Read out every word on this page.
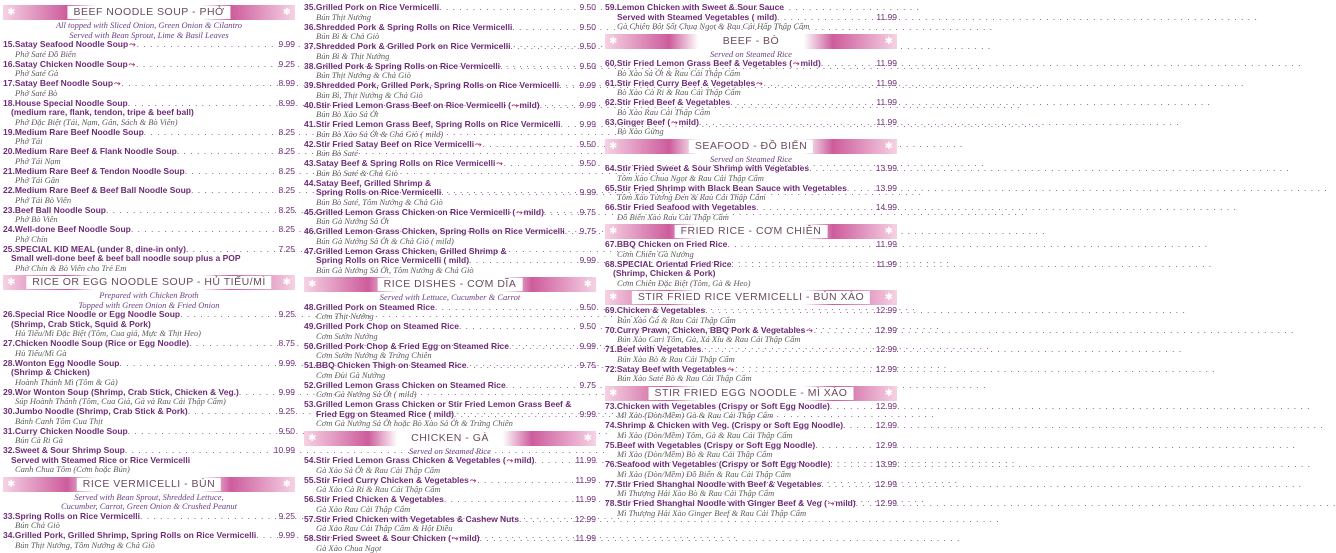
✱	BEEF NOODLE SOUP - PHỞ	✱
All topped with Sliced Onion, Green Onion & Cilantro
Served with Bean Sprout, Lime & Basil Leaves
15. Satay Seafood Noodle Soup ⤳ . . .	9.99
Phở Saté Đồ Biển
16. Satay Chicken Noodle Soup ⤳ . . .	9.25
Phở Saté Gà
17. Satay Beef Noodle Soup ⤳ . . .	8.99
Phở Saté Bò
18. House Special Noodle Soup . . .	8.99
(medium rare, flank, tendon, tripe & beef ball)
Phở Đặc Biệt (Tái, Nạm, Gân, Sách & Bò Viên)
19. Medium Rare Beef Noodle Soup . . .	8.25
Phở Tái
20. Medium Rare Beef & Flank Noodle Soup . . .	8.25
Phở Tái Nạm
21. Medium Rare Beef & Tendon Noodle Soup . . .	8.25
Phở Tái Gân
22. Medium Rare Beef & Beef Ball Noodle Soup . . .	8.25
Phở Tái Bò Viên
23. Beef Ball Noodle Soup . . .	8.25
Phở Bò Viên
24. Well-done Beef Noodle Soup . . .	8.25
Phở Chín
25. SPECIAL KID MEAL (under 8, dine-in only) . . .	7.25
Small well-done beef & beef ball noodle soup plus a POP
Phở Chín & Bò Viên cho Trẻ Em
✱	RICE OR EGG NOODLE SOUP - HỦ TIẾU/MÌ	✱
Prepared with Chicken Broth
Topped with Green Onion & Fried Onion
26. Special Rice Noodle or Egg Noodle Soup . . .	9.25
(Shrimp, Crab Stick, Squid & Pork)
Hủ Tiếu/Mì Đặc Biệt (Tôm, Cua giả, Mực & Thịt Heo)
27. Chicken Noodle Soup (Rice or Egg Noodle) . . .	8.75
Hủ Tiếu/Mì Gà
28. Wonton Egg Noodle Soup . . .	9.99
(Shrimp & Chicken)
Hoành Thánh Mì (Tôm & Gà)
29. Wor Wonton Soup (Shrimp, Crab Stick, Chicken & Veg.) . . .	9.99
Súp Hoành Thánh (Tôm, Cua Giả, Gà và Rau Cải Thập Cẩm)
30. Jumbo Noodle (Shrimp, Crab Stick & Pork) . . .	9.25
Bánh Canh Tôm Cua Thịt
31. Curry Chicken Noodle Soup . . .	9.50
Bún Cà Ri Gà
32. Sweet & Sour Shrimp Soup . . .	10.99
Served with Steamed Rice or Rice Vermicelli
Canh Chua Tôm (Cơm hoặc Bún)
✱	RICE VERMICELLI - BÚN	✱
Served with Bean Sprout, Shredded Lettuce,
Cucumber, Carrot, Green Onion & Crushed Peanut
33. Spring Rolls on Rice Vermicelli . . .	9.25
Bún Chả Giò
34. Grilled Pork, Grilled Shrimp, Spring Rolls on Rice Vermicelli . . .	9.99
Bún Thịt Nướng, Tôm Nướng & Chả Giò
35. Grilled Pork on Rice Vermicelli . . .	9.50
Bún Thịt Nướng
36. Shredded Pork & Spring Rolls on Rice Vermicelli . . .	9.50
Bún Bì & Chả Giò
37. Shredded Pork & Grilled Pork on Rice Vermicelli . . .	9.50
Bún Bì & Thịt Nướng
38. Grilled Pork & Spring Rolls on Rice Vermicelli . . .	9.50
Bún Thịt Nướng & Chả Giò
39. Shredded Pork, Grilled Pork, Spring Rolls on Rice Vermicelli . . . 9.99
Bún Bì, Thịt Nướng & Chả Giò
40. Stir Fried Lemon Grass Beef on Rice Vermicelli ( ⤳ mild) . . .	9.99
Bún Bò Xào Sả Ớt
41. Stir Fried Lemon Grass Beef, Spring Rolls on Rice Vermicelli . . . 9.99
Bún Bò Xào Sả Ớt & Chả Giò ( mild)
42. Stir Fried Satay Beef on Rice Vermicelli ⤳ . . .	9.50
Bún Bò Saté
43. Satay Beef & Spring Rolls on Rice Vermicelli ⤳ . . .	9.50
Bún Bò Saté & Chả Giò
44. Satay Beef, Grilled Shrimp &
Spring Rolls on Rice Vermicelli . . .	9.99
Bún Bò Saté, Tôm Nướng & Chả Giò
45. Grilled Lemon Grass Chicken on Rice Vermicelli ( ⤳ mild) . . .	9.75
Bún Gà Nướng Sả Ớt
46. Grilled Lemon Grass Chicken, Spring Rolls on Rice Vermicelli . . . 9.75
Bún Gà Nướng Sả Ớt & Chả Giò ( mild)
47. Grilled Lemon Grass Chicken, Grilled Shrimp &
Spring Rolls on Rice Vermicelli ( mild) . . .	9.99
Bún Gà Nướng Sả Ớt, Tôm Nướng & Chả Giò
✱	RICE DISHES - CƠM DĨA	✱
Served with Lettuce, Cucumber & Carrot
48. Grilled Pork on Steamed Rice . . .	9.50
Cơm Thịt Nướng
49. Grilled Pork Chop on Steamed Rice . . .	9.50
Cơm Sườn Nướng
50. Grilled Pork Chop & Fried Egg on Steamed Rice . . .	9.99
Cơm Sườn Nướng & Trứng Chiên
51. BBQ Chicken Thigh on Steamed Rice . . .	9.75
Cơm Đùi Gà Nướng
52. Grilled Lemon Grass Chicken on Steamed Rice . . .	9.75
Cơm Gà Nướng Sả Ớt ( mild)
53. Grilled Lemon Grass Chicken or Stir Fried Lemon Grass Beef &
Fried Egg on Steamed Rice ( mild) . . .	9.99
Cơm Gà Nướng Sả Ớt hoặc Bò Xào Sả Ớt & Trứng Chiên
✱	CHICKEN - GÀ	✱
Served on Steamed Rice
54. Stir Fried Lemon Grass Chicken & Vegetables ( ⤳ mild) . . .	11.99
Gà Xào Sả Ớt & Rau Cải Thập Cẩm
55. Stir Fried Curry Chicken & Vegetables ⤳ . . .	11.99
Gà Xào Cà Ri & Rau Cải Thập Cẩm
56. Stir Fried Chicken & Vegetables . . .	11.99
Gà Xào Rau Cải Thập Cẩm
57. Stir Fried Chicken with Vegetables & Cashew Nuts . . .	12.99
Gà Xào Rau Cải Thập Cẩm & Hột Điều
58. Stir Fried Sweet & Sour Chicken ( ⤳ mild) . . .	11.99
Gà Xào Chua Ngọt
59. Lemon Chicken with Sweet & Sour Sauce
Served with Steamed Vegetables ( mild) . . .	11.99
Gà Chiên Bột Sốt Chua Ngọt & Rau Cải Hấp Thập Cẩm
✱	BEEF - BÒ	✱
Served on Steamed Rice
60. Stir Fried Lemon Grass Beef & Vegetables ( ⤳ mild) . . .	11.99
Bò Xào Sả Ớt & Rau Cải Thập Cẩm
61. Stir Fried Curry Beef & Vegetables ⤳ . . .	11.99
Bò Xào Cà Ri & Rau Cải Thập Cẩm
62. Stir Fried Beef & Vegetables . . .	11.99
Bò Xào Rau Cải Thập Cẩm
63. Ginger Beef ( ⤳ mild) . . .	11.99
Bò Xào Gừng
✱	SEAFOOD - ĐỒ BIỂN	✱
Served on Steamed Rice
64. Stir Fried Sweet & Sour Shrimp with Vegetables . . .	13.99
Tôm Xào Chua Ngọt & Rau Cải Thập Cẩm
65. Stir Fried Shrimp with Black Bean Sauce with Vegetables . . .	13.99
Tôm Xào Tương Đen & Rau Cải Thập Cẩm
66. Stir Fried Seafood with Vegetables . . .	14.99
Đồ Biển Xào Rau Cải Thập Cẩm
✱	FRIED RICE - CƠM CHIÊN	✱
67. BBQ Chicken on Fried Rice . . .	11.99
Cơm Chiên Gà Nướng
68. SPECIAL Oriental Fried Rice . . .	11.99
(Shrimp, Chicken & Pork)
Cơm Chiên Đặc Biệt (Tôm, Gà & Heo)
✱	STIR FRIED RICE VERMICELLI - BÚN XÀO	✱
69. Chicken & Vegetables . . .	12.99
Bún Xào Gà & Rau Cải Thập Cẩm
70. Curry Prawn, Chicken, BBQ Pork & Vegetables ⤳ . . .	12.99
Bún Xào Cari Tôm, Gà, Xá Xíu & Rau Cải Thập Cẩm
71. Beef with Vegetables . . .	12.99
Bún Xào Bò & Rau Cải Thập Cẩm
72. Satay Beef with Vegetables ⤳ . . .	12.99
Bún Xào Saté Bò & Rau Cải Thập Cẩm
✱	STIR FRIED EGG NOODLE - MÌ XÀO	✱
73. Chicken with Vegetables (Crispy or Soft Egg Noodle) . . .	12.99
Mì Xào (Dòn/Mềm) Gà & Rau Cải Thập Cẩm
74. Shrimp & Chicken with Veg. (Crispy or Soft Egg Noodle) . . .	12.99
Mì Xào (Dòn/Mềm) Tôm, Gà & Rau Cải Thập Cẩm
75. Beef with Vegetables (Crispy or Soft Egg Noodle) . . .	12.99
Mì Xào (Dòn/Mềm) Bò & Rau Cải Thập Cẩm
76. Seafood with Vegetables (Crispy or Soft Egg Noodle) . . .	13.99
Mì Xào (Dòn/Mềm) Đồ Biển & Rau Cải Thập Cẩm
77. Stir Fried Shanghai Noodle with Beef & Vegetables . . .	12.99
Mì Thượng Hải Xào Bò & Rau Cải Thập Cẩm
78. Stir Fried Shanghai Noodle with Ginger Beef & Veg ( ⤳ mild) . . . 12.99
Mì Thượng Hải Xào Ginger Beef & Rau Cải Thập Cẩm
